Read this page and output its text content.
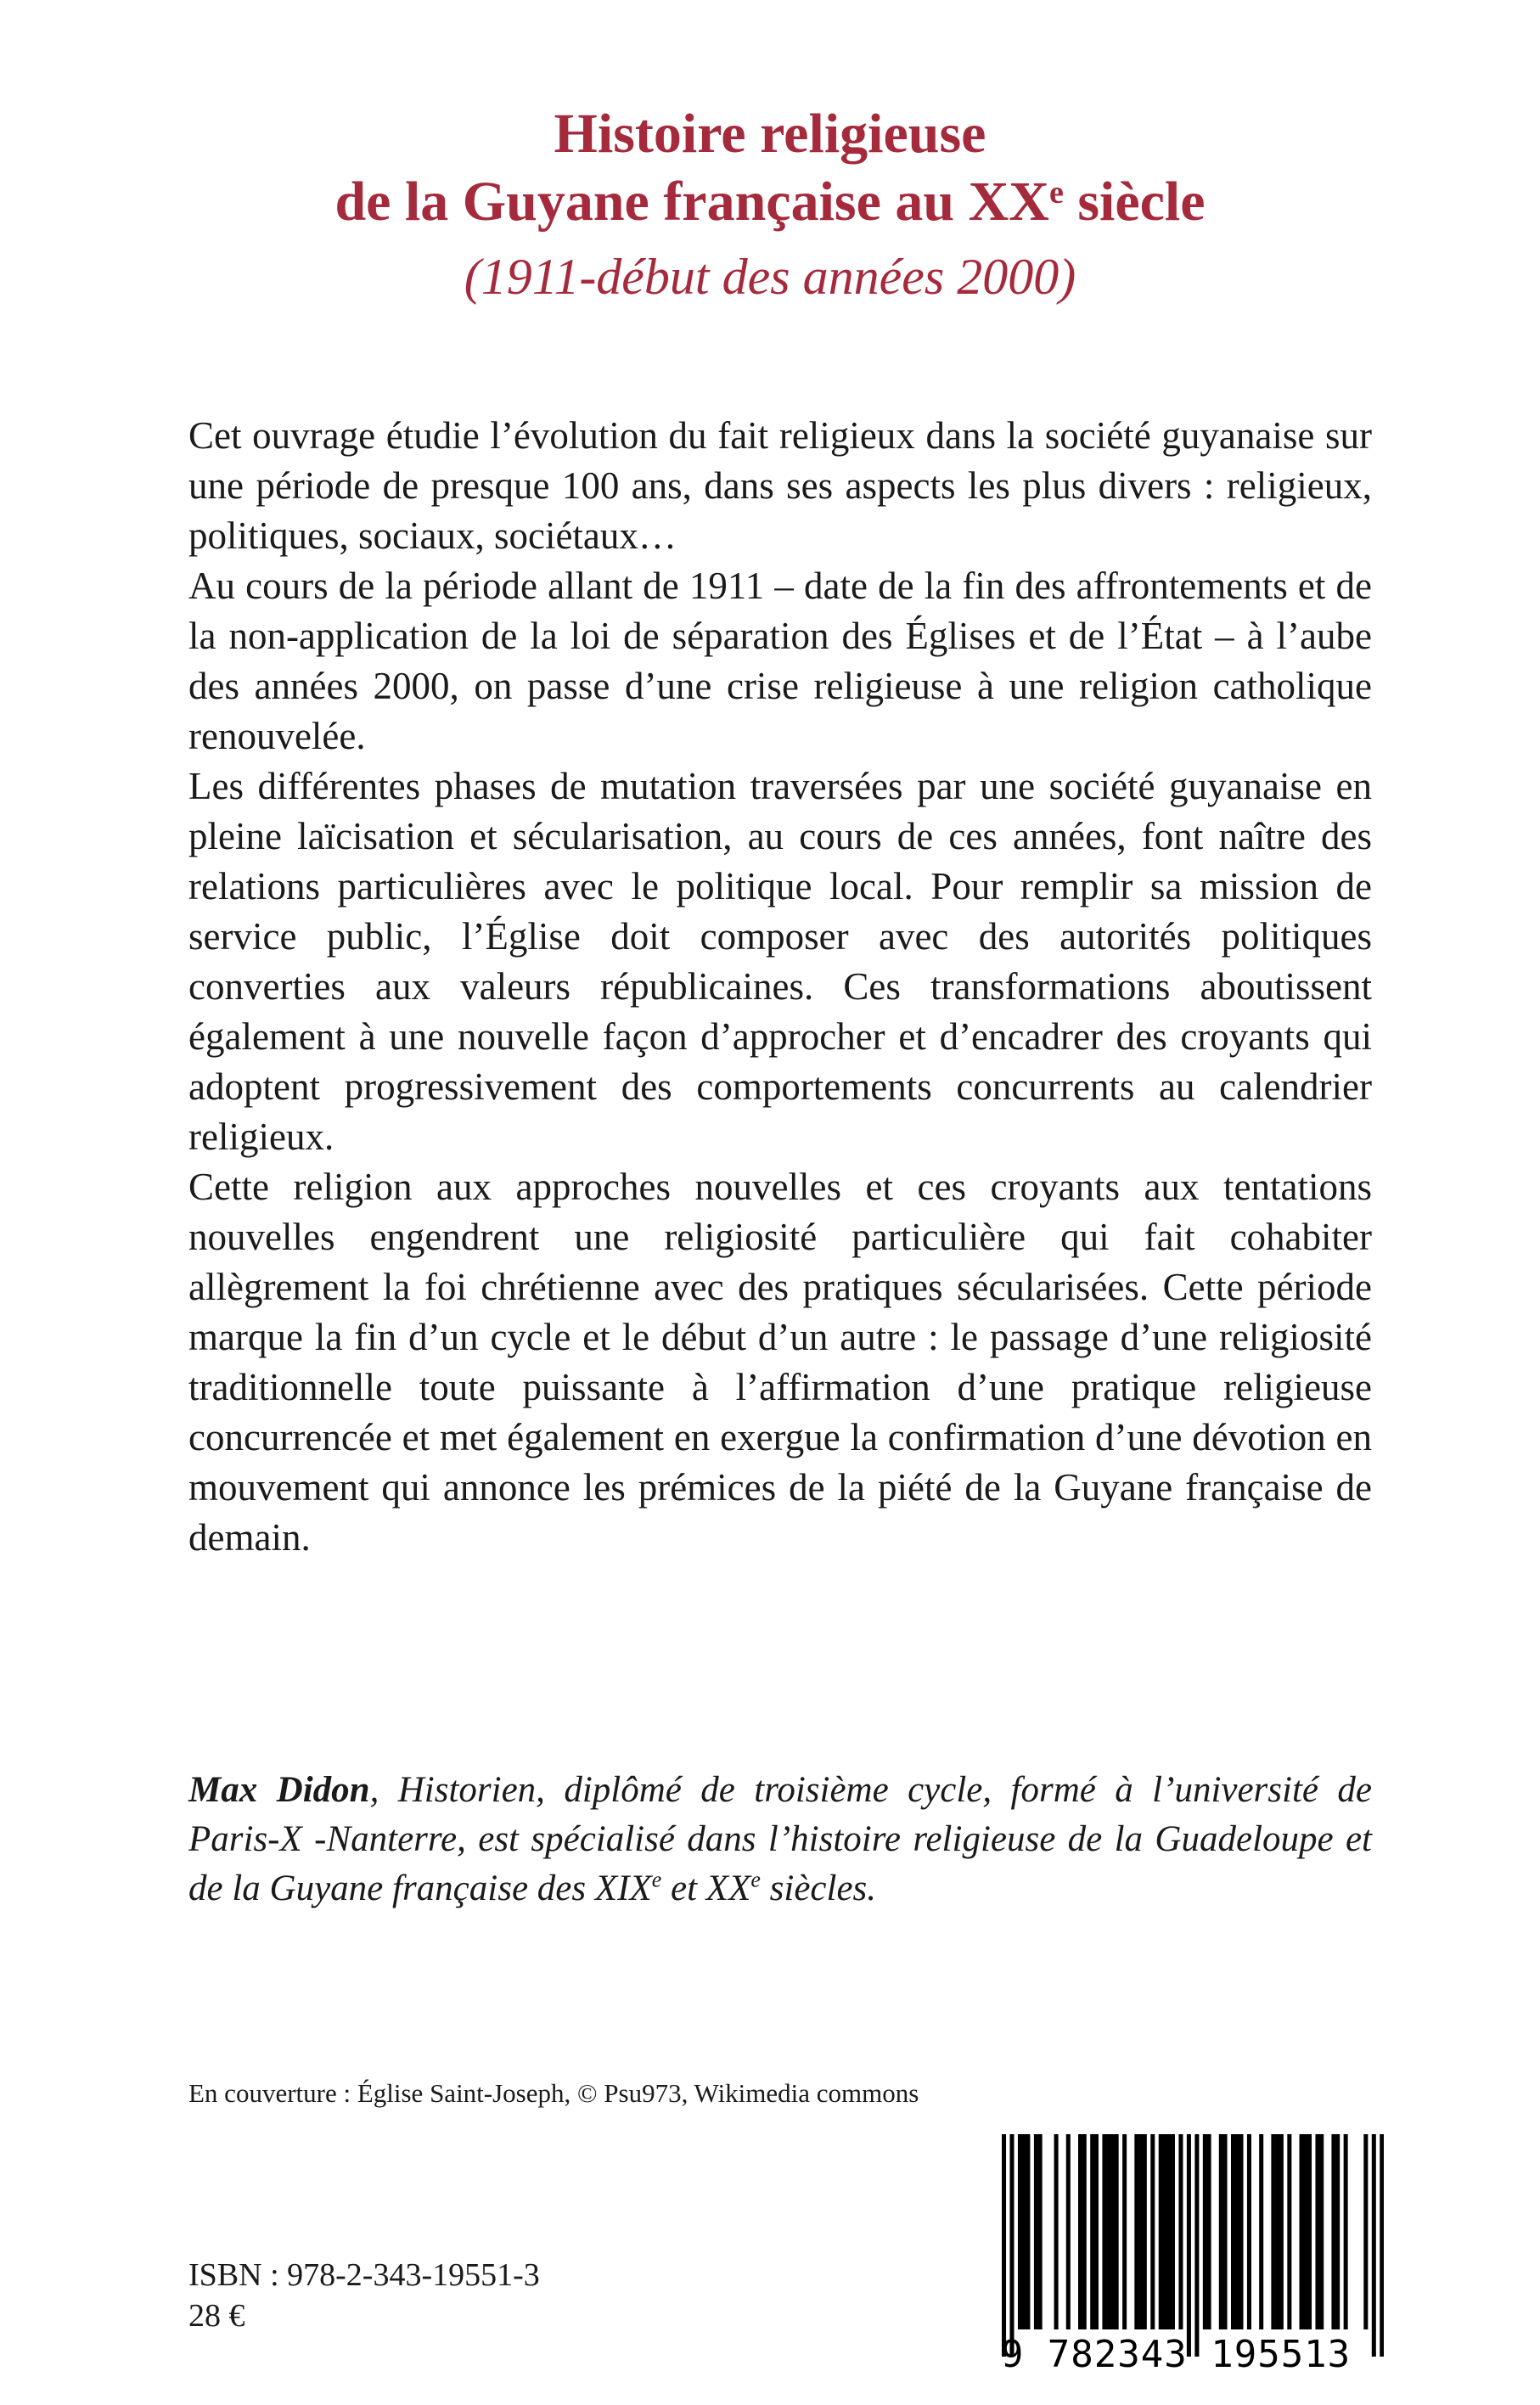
Histoire religieuse
de la Guyane française au XXe siècle
(1911-début des années 2000)

Cet ouvrage étudie l’évolution du fait religieux dans la société guyanaise sur une période de presque 100 ans, dans ses aspects les plus divers : religieux, politiques, sociaux, sociétaux…

Au cours de la période allant de 1911 – date de la fin des affrontements et de la non-application de la loi de séparation des Églises et de l’État – à l’aube des années 2000, on passe d’une crise religieuse à une religion catholique renouvelée.

Les différentes phases de mutation traversées par une société guyanaise en pleine laïcisation et sécularisation, au cours de ces années, font naître des relations particulières avec le politique local. Pour remplir sa mission de service public, l’Église doit composer avec des autorités politiques converties aux valeurs républicaines. Ces transformations aboutissent également à une nouvelle façon d’approcher et d’encadrer des croyants qui adoptent progressivement des comportements concurrents au calendrier religieux.

Cette religion aux approches nouvelles et ces croyants aux tentations nouvelles engendrent une religiosité particulière qui fait cohabiter allègrement la foi chrétienne avec des pratiques sécularisées. Cette période marque la fin d’un cycle et le début d’un autre : le passage d’une religiosité traditionnelle toute puissante à l’affirmation d’une pratique religieuse concurrencée et met également en exergue la confirmation d’une dévotion en mouvement qui annonce les prémices de la piété de la Guyane française de demain.

Max Didon, Historien, diplômé de troisième cycle, formé à l’université de Paris-X -Nanterre, est spécialisé dans l’histoire religieuse de la Guadeloupe et de la Guyane française des XIXe et XXe siècles.
En couverture : Église Saint-Joseph, © Psu973, Wikimedia commons
ISBN : 978-2-343-19551-3
28 €
9 782343 195513
